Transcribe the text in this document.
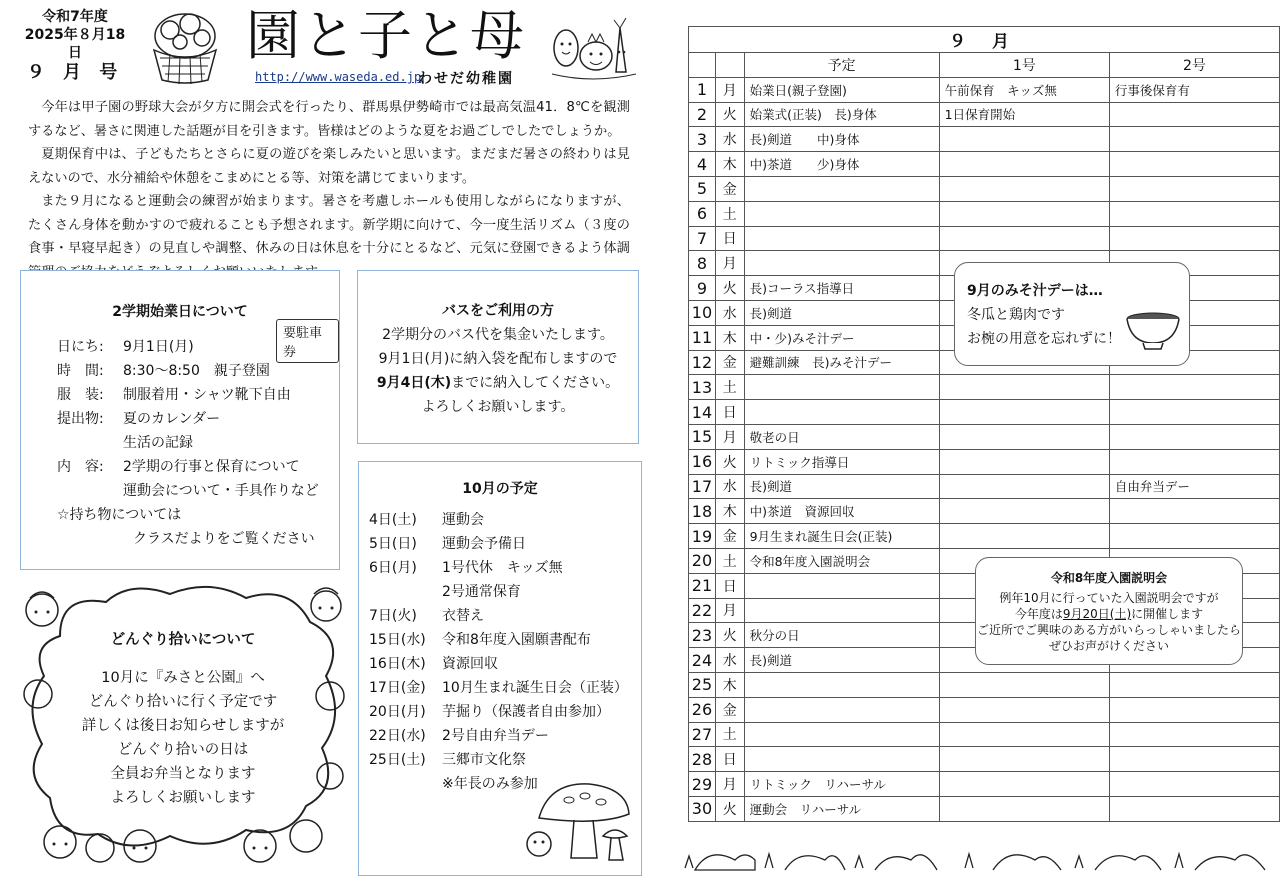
令和7年度
2025年８月18日
９ 月 号
園と子と母
http://www.waseda.ed.jp
わせだ幼稚園

今年は甲子園の野球大会が夕方に開会式を行ったり、群馬県伊勢崎市では最高気温41．8℃を観測するなど、暑さに関連した話題が目を引きます。皆様はどのような夏をお過ごしでしたでしょうか。

夏期保育中は、子どもたちとさらに夏の遊びを楽しみたいと思います。まだまだ暑さの終わりは見えないので、水分補給や休憩をこまめにとる等、対策を講じてまいります。

また９月になると運動会の練習が始まります。暑さを考慮しホールも使用しながらになりますが、たくさん身体を動かすので疲れることも予想されます。新学期に向けて、今一度生活リズム（３度の食事・早寝早起き）の見直しや調整、休みの日は休息を十分にとるなど、元気に登園できるよう体調

2学期始業日について
要駐車券
日にち:	9月1日(月)
時　間:	8:30～8:50　親子登園
服　装:	制服着用・シャツ靴下自由
提出物:	夏のカレンダー
生活の記録
内　容:	2学期の行事と保育について
運動会について・手具作りなど
☆持ち物については
クラスだよりをご覧ください
バスをご利用の方
2学期分のバス代を集金いたします。
9月1日(月)に納入袋を配布しますので
9月4日(木)までに納入してください。
よろしくお願いします。
10月の予定
4日(土)	運動会
5日(日)	運動会予備日
6日(月)	1号代休　キッズ無
2号通常保育
7日(火)	衣替え
15日(水)	令和8年度入園願書配布
16日(木)	資源回収
17日(金)	10月生まれ誕生日会（正装）
20日(月)	芋掘り（保護者自由参加）
22日(水)	2号自由弁当デー
25日(土)	三郷市文化祭
※年長のみ参加
どんぐり拾いについて
10月に『みさと公園』へ
どんぐり拾いに行く予定です
詳しくは後日お知らせしますが
どんぐり拾いの日は
全員お弁当となります
よろしくお願いします
９ 月				
		予定	1号	2号
1	月	始業日(親子登園)	午前保育　キッズ無	行事後保育有
2	火	始業式(正装)　長)身体	1日保育開始	
3	水	長)剣道　　中)身体		
4	木	中)茶道　　少)身体		
5	金			
6	土			
7	日			
8	月			
9	火	長)コーラス指導日		
10	水	長)剣道		
11	木	中・少)みそ汁デー		
12	金	避難訓練　長)みそ汁デー		
13	土			
14	日			
15	月	敬老の日		
16	火	リトミック指導日		
17	水	長)剣道		自由弁当デー
18	木	中)茶道　資源回収		
19	金	9月生まれ誕生日会(正装)		
20	土	令和8年度入園説明会		
21	日			
22	月			
23	火	秋分の日		
24	水	長)剣道		
25	木			
26	金			
27	土			
28	日			
29	月	リトミック　リハーサル		
30	火	運動会　リハーサル		
9月のみそ汁デーは…
冬瓜と鶏肉です
お椀の用意を忘れずに！
令和8年度入園説明会
例年10月に行っていた入園説明会ですが
今年度は9月20日(土)に開催します
ご近所でご興味のある方がいらっしゃいましたら
ぜひお声がけください
